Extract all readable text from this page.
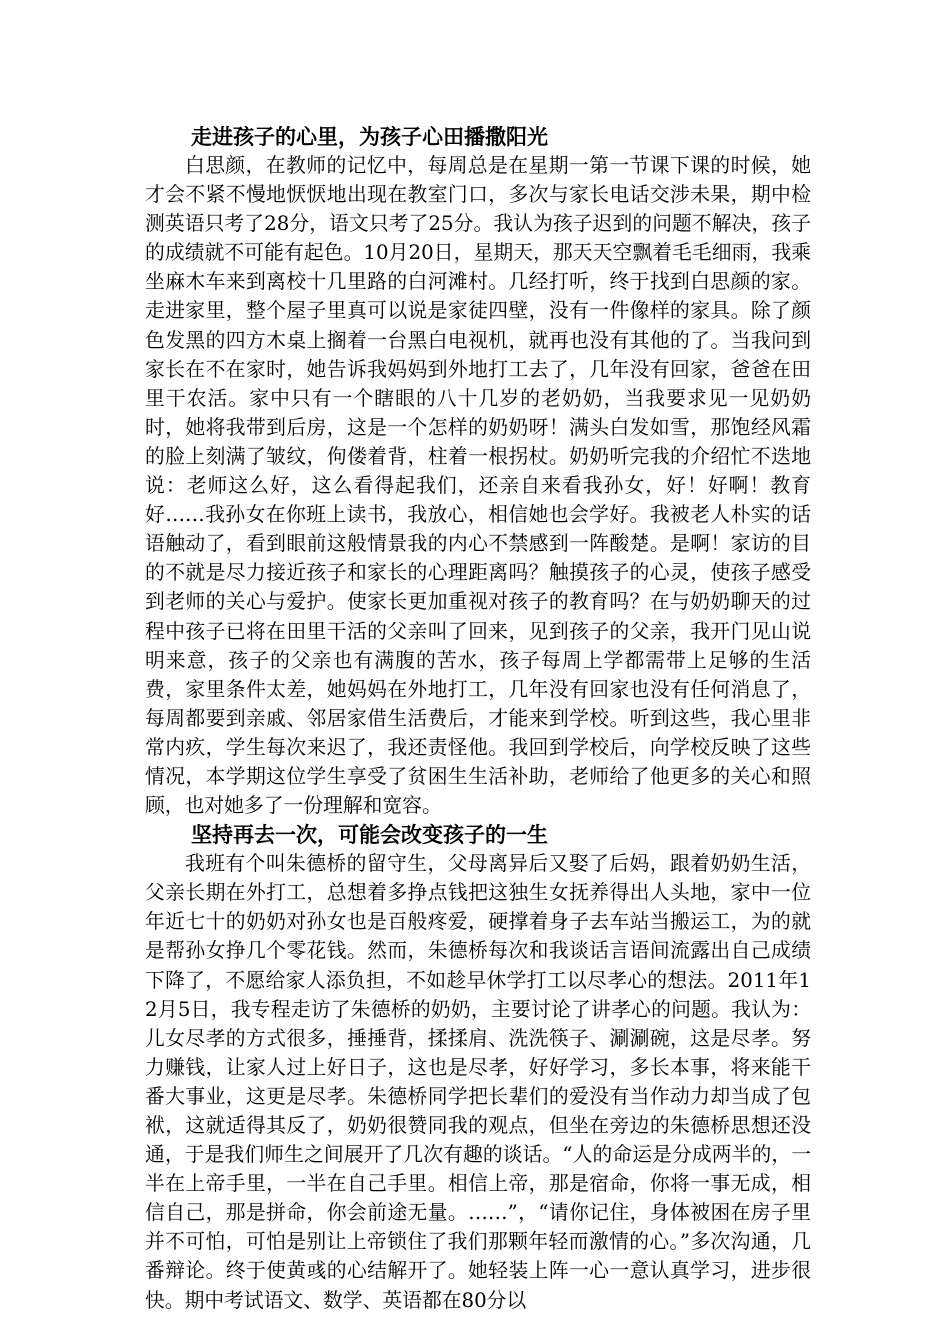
走进孩子的心里，为孩子心田播撒阳光

白思颜，在教师的记忆中，每周总是在星期一第一节课下课的时候，她才会不紧不慢地恹恹地出现在教室门口，多次与家长电话交涉未果，期中检测英语只考了28分，语文只考了25分。我认为孩子迟到的问题不解决，孩子的成绩就不可能有起色。10月20日，星期天，那天天空飘着毛毛细雨，我乘坐麻木车来到离校十几里路的白河滩村。几经打听，终于找到白思颜的家。走进家里，整个屋子里真可以说是家徒四壁，没有一件像样的家具。除了颜色发黑的四方木桌上搁着一台黑白电视机，就再也没有其他的了。当我问到家长在不在家时，她告诉我妈妈到外地打工去了，几年没有回家，爸爸在田里干农活。家中只有一个瞎眼的八十几岁的老奶奶，当我要求见一见奶奶时，她将我带到后房，这是一个怎样的奶奶呀！满头白发如雪，那饱经风霜的脸上刻满了皱纹，佝偻着背，柱着一根拐杖。奶奶听完我的介绍忙不迭地说：老师这么好，这么看得起我们，还亲自来看我孙女，好！好啊！教育好……我孙女在你班上读书，我放心，相信她也会学好。我被老人朴实的话语触动了，看到眼前这般情景我的内心不禁感到一阵酸楚。是啊！家访的目的不就是尽力接近孩子和家长的心理距离吗？触摸孩子的心灵，使孩子感受到老师的关心与爱护。使家长更加重视对孩子的教育吗？在与奶奶聊天的过程中孩子已将在田里干活的父亲叫了回来，见到孩子的父亲，我开门见山说明来意，孩子的父亲也有满腹的苦水，孩子每周上学都需带上足够的生活费，家里条件太差，她妈妈在外地打工，几年没有回家也没有任何消息了，每周都要到亲戚、邻居家借生活费后，才能来到学校。听到这些，我心里非常内疚，学生每次来迟了，我还责怪他。我回到学校后，向学校反映了这些情况，本学期这位学生享受了贫困生生活补助，老师给了他更多的关心和照顾，也对她多了一份理解和宽容。

坚持再去一次，可能会改变孩子的一生

我班有个叫朱德桥的留守生，父母离异后又娶了后妈，跟着奶奶生活，父亲长期在外打工，总想着多挣点钱把这独生女抚养得出人头地，家中一位年近七十的奶奶对孙女也是百般疼爱，硬撑着身子去车站当搬运工，为的就是帮孙女挣几个零花钱。然而，朱德桥每次和我谈话言语间流露出自己成绩下降了，不愿给家人添负担，不如趁早休学打工以尽孝心的想法。2011年12月5日，我专程走访了朱德桥的奶奶，主要讨论了讲孝心的问题。我认为：儿女尽孝的方式很多，捶捶背，揉揉肩、洗洗筷子、涮涮碗，这是尽孝。努力赚钱，让家人过上好日子，这也是尽孝，好好学习，多长本事，将来能干番大事业，这更是尽孝。朱德桥同学把长辈们的爱没有当作动力却当成了包袱，这就适得其反了，奶奶很赞同我的观点，但坐在旁边的朱德桥思想还没通，于是我们师生之间展开了几次有趣的谈话。“人的命运是分成两半的，一半在上帝手里，一半在自己手里。相信上帝，那是宿命，你将一事无成，相信自己，那是拼命，你会前途无量。……”，“请你记住，身体被困在房子里并不可怕，可怕是别让上帝锁住了我们那颗年轻而激情的心。”多次沟通，几番辩论。终于使黄彧的心结解开了。她轻装上阵一心一意认真学习，进步很快。期中考试语文、数学、英语都在80分以
